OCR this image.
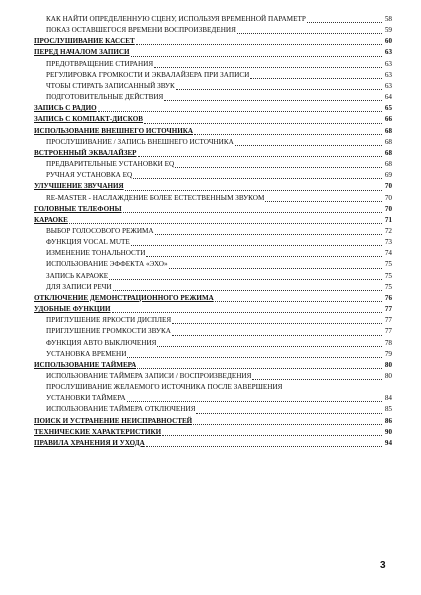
КАК НАЙТИ ОПРЕДЕЛЕННУЮ СЦЕНУ, ИСПОЛЬЗУЯ ВРЕМЕННОЙ ПАРАМЕТР	58
ПОКАЗ ОСТАВШЕГОСЯ ВРЕМЕНИ ВОСПРОИЗВЕДЕНИЯ	59
ПРОСЛУШИВАНИЕ КАССЕТ	60
ПЕРЕД НАЧАЛОМ ЗАПИСИ	63
ПРЕДОТВРАЩЕНИЕ СТИРАНИЯ	63
РЕГУЛИРОВКА ГРОМКОСТИ И ЭКВАЛАЙЗЕРА ПРИ ЗАПИСИ	63
ЧТОБЫ СТИРАТЬ ЗАПИСАННЫЙ ЗВУК	63
ПОДГОТОВИТЕЛЬНЫЕ ДЕЙСТВИЯ	64
ЗАПИСЬ С РАДИО	65
ЗАПИСЬ С КОМПАКТ-ДИСКОВ	66
ИСПОЛЬЗОВАНИЕ ВНЕШНЕГО ИСТОЧНИКА	68
ПРОСЛУШИВАНИЕ / ЗАПИСЬ ВНЕШНЕГО ИСТОЧНИКА	68
ВСТРОЕННЫЙ ЭКВАЛАЙЗЕР	68
ПРЕДВАРИТЕЛЬНЫЕ УСТАНОВКИ EQ	68
РУЧНАЯ УСТАНОВКА EQ	69
УЛУЧШЕНИЕ ЗВУЧАНИЯ	70
RE-MASTER - НАСЛАЖДЕНИЕ БОЛЕЕ ЕСТЕСТВЕННЫМ ЗВУКОМ	70
ГОЛОВНЫЕ ТЕЛЕФОНЫ	70
КАРАОКЕ	71
ВЫБОР ГОЛОСОВОГО РЕЖИМА	72
ФУНКЦИЯ VOCAL MUTE	73
ИЗМЕНЕНИЕ ТОНАЛЬНОСТИ	74
ИСПОЛЬЗОВАНИЕ ЭФФЕКТА «ЭХО»	75
ЗАПИСЬ КАРАОКЕ	75
ДЛЯ ЗАПИСИ РЕЧИ	75
ОТКЛЮЧЕНИЕ ДЕМОНСТРАЦИОННОГО РЕЖИМА	76
УДОБНЫЕ ФУНКЦИИ	77
ПРИГЛУШЕНИЕ ЯРКОСТИ ДИСПЛЕЯ	77
ПРИГЛУШЕНИЕ ГРОМКОСТИ ЗВУКА	77
ФУНКЦИЯ АВТО ВЫКЛЮЧЕНИЯ	78
УСТАНОВКА ВРЕМЕНИ	79
ИСПОЛЬЗОВАНИЕ ТАЙМЕРА	80
ИСПОЛЬЗОВАНИЕ ТАЙМЕРА ЗАПИСИ / ВОСПРОИЗВЕДЕНИЯ	80
ПРОСЛУШИВАНИЕ ЖЕЛАЕМОГО ИСТОЧНИКА ПОСЛЕ ЗАВЕРШЕНИЯ
УСТАНОВКИ ТАЙМЕРА	84
ИСПОЛЬЗОВАНИЕ ТАЙМЕРА ОТКЛЮЧЕНИЯ	85
ПОИСК И УСТРАНЕНИЕ НЕИСПРАВНОСТЕЙ	86
ТЕХНИЧЕСКИЕ ХАРАКТЕРИСТИКИ	90
ПРАВИЛА ХРАНЕНИЯ И УХОДА	94
3
